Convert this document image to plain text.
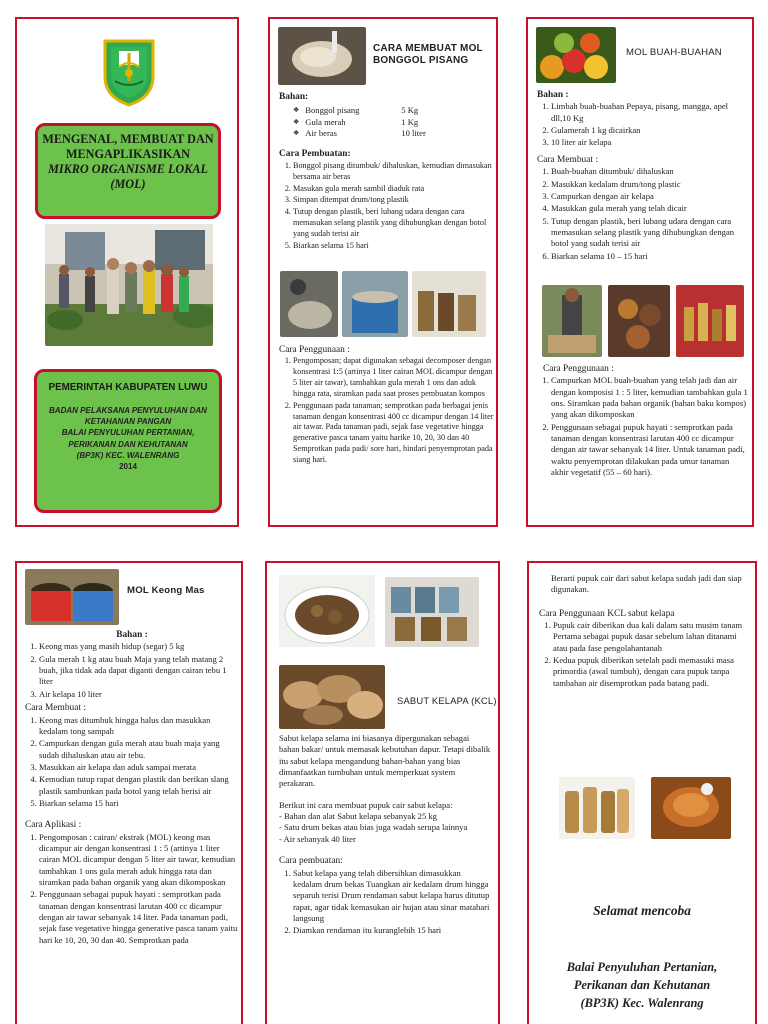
MENGENAL, MEMBUAT DAN
MENGAPLIKASIKAN
MIKRO ORGANISME LOKAL
(MOL)
PEMERINTAH KABUPATEN LUWU
BADAN PELAKSANA PENYULUHAN DAN
KETAHANAN PANGAN
BALAI PENYULUHAN PERTANIAN,
PERIKANAN DAN KEHUTANAN
(BP3K) KEC. WALENRANG
2014
CARA MEMBUAT MOL
BONGGOL PISANG
Bahan:
❖ Bonggol pisang	5 Kg
❖ Gula merah	1 Kg
❖ Air beras	10 liter
Cara Pembuatan:
1. Bonggol pisang ditumbuk/ dihaluskan, kemudian dimasukan bersama air beras
2. Masukan gula merah sambil diaduk rata
3. Simpan ditempat drum/tong plastik
4. Tutup dengan plastik, beri lubang udara dengan cara memasukan selang plastik yang dihubungkan dengan botol yang sudah terisi air
5. Biarkan selama 15 hari
Cara Penggunaan :
1. Pengomposan; dapat digunakan sebagai decomposer dengan konsentrasi 1:5 (artinya 1 liter cairan MOL dicampur dengan 5 liter air tawar), tambahkan gula merah 1 ons dan aduk hingga rata, siramkan pada saat proses pembuatan kompos
2. Penggunaan pada tanaman; semprotkan pada berbagai jenis tanaman dengan konsentrasi 400 cc dicampur dengan 14 liter air tawar. Pada tanaman padi, sejak fase vegetative hingga generative pasca tanam yaitu harike 10, 20, 30 dan 40 Semprotkan pada padi/ sore hari, hindari penyemprotan pada siang hari.
MOL BUAH-BUAHAN
Bahan :
1. Limbah buah-buahan Pepaya, pisang, mangga, apel dll,10 Kg
2. Gulamerah 1 kg dicairkan
3. 10 liter air kelapa
Cara Membuat :
1. Buah-buahan ditumbuk/ dihaluskan
2. Masukkan kedalam drum/tong plastic
3. Campurkan dengan air kelapa
4. Masukkan gula merah yang telah dicair
5. Tutup dengan plastik, beri lubang udara dengan cara memasukan selang plastik yang dihubungkan dengan botol yang sudah terisi air
6. Biarkan selama 10 – 15 hari
Cara Penggunaan :
1. Campurkan MOL buah-buahan yang telah jadi dan air dengan komposisi 1 : 5 liter, kemudian tambahkan gula 1 ons. Siramkan pada bahan organik (bahan baku kompos) yang akan dikomposkan
2. Penggunaan sebagai pupuk hayati : semprotkan pada tanaman dengan konsentrasi larutan 400 cc dicampur dengan air tawar sebanyak 14 liter. Untuk tanaman padi, waktu penyemprotan dilakukan pada umur tanaman akhir vegetatif (55 – 60 hari).
MOL Keong Mas
Bahan :
1. Keong mas yang masih hidup (segar) 5 kg
2. Gula merah 1 kg atau buah Maja yang telah matang 2 buah, jika tidak ada dapat diganti dengan cairan tebu 1 liter
3. Air kelapa 10 liter
Cara Membuat :
1. Keong mas ditumbuk hingga halus dan masukkan kedalam tong sampah
2. Campurkan dengan gula merah atau buah maja yang sudah dihaluskan atau air tebu.
3. Masukkan air kelapa dan aduk sampai merata
4. Kemudian tutup rapat dengan plastik dan berikan slang plastik sambunkan pada botol yang telah berisi air
5. Biarkan selama 15 hari
Cara Aplikasi :
1. Pengomposan : cairan/ ekstrak (MOL) keong mas dicampur air dengan konsentrasi 1 : 5 (artinya 1 liter cairan MOL dicampur dengan 5 liter air tawar, kemudian tambahkan 1 ons gula merah aduk hingga rata dan siramkan pada bahan organik yang akan dikomposkan
2. Penggunaan sebagai pupuk hayati : semprotkan pada tanaman dengan konsentrasi larutan 400 cc dicampur dengan air tawar sebanyak 14 liter. Pada tanaman padi, sejak fase vegetative hingga generative pasca tanam yaitu hari ke 10, 20, 30 dan 40. Semprotkan pada
SABUT KELAPA (KCL)

Sabut kelapa selama ini biasanya dipergunakan sebagai bahan bakar/ untuk memasak kebutuhan dapur. Tetapi dibalik itu sabut kelapa mengandung bahan-bahan yang bias dimanfaatkan tumbuhan untuk memperkuat system perakaran.

Berikut ini cara membuat pupuk cair sabut kelapa:

- Bahan dan alat Sabut kelapa sebanyak 25 kg
- Satu drum bekas atau bias juga wadah serupa lainnya
- Air sebanyak 40 liter
Cara pembuatan:
1. Sabut kelapa yang telah dibersihkan dimasukkan kedalam drum bekas Tuangkan air kedalam drum hingga separuh terisi Drum rendaman sabut kelapa harus ditutup rapat, agar tidak kemasukan air hujan atau sinar matahari langsung
2. Diamkan rendaman itu kuranglebih 15 hari

Berarti pupuk cair dari sabut kelapa sudah jadi dan siap digunakan.

Cara Penggunaan KCL sabut kelapa
1. Pupuk cair diberikan dua kali dalam satu musim tanam Pertama sebagai pupuk dasar sebelum lahan ditanami atau pada fase pengolahantanah
2. Kedua pupuk diberikan setelah padi memasuki masa primordia (awal tumbuh), dengan cara pupuk tanpa tambahan air disemprotkan pada batang padi.
Selamat mencoba
Balai Penyuluhan Pertanian,
Perikanan dan Kehutanan
(BP3K) Kec. Walenrang
